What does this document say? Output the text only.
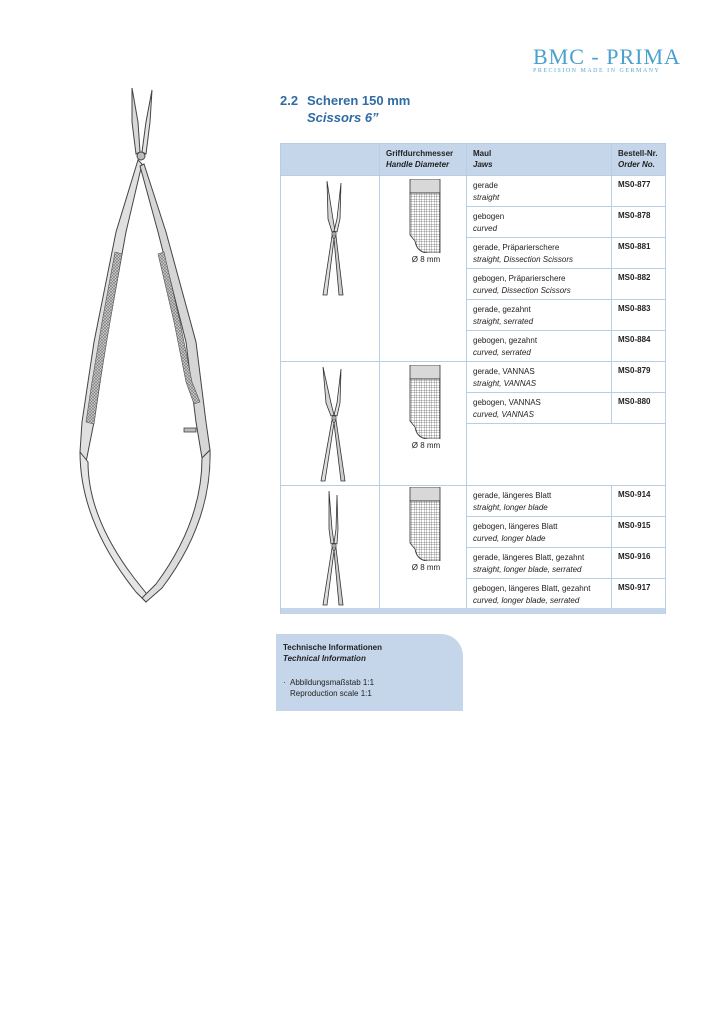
BMC - PRIMA
PRECISION MADE IN GERMANY
2.2 Scheren 150 mm
Scissors 6”
Griffdurchmesser
Handle Diameter
Maul
Jaws
Bestell-Nr.
Order No.
Ø 8 mm
gerade
straight
MS0-877
gebogen
curved
MS0-878
gerade, Präparierschere
straight, Dissection Scissors
MS0-881
gebogen, Präparierschere
curved, Dissection Scissors
MS0-882
gerade, gezahnt
straight, serrated
MS0-883
gebogen, gezahnt
curved, serrated
MS0-884
Ø 8 mm
gerade, VANNAS
straight, VANNAS
MS0-879
gebogen, VANNAS
curved, VANNAS
MS0-880
Ø 8 mm
gerade, längeres Blatt
straight, longer blade
MS0-914
gebogen, längeres Blatt
curved, longer blade
MS0-915
gerade, längeres Blatt, gezahnt
straight, longer blade, serrated
MS0-916
gebogen, längeres Blatt, gezahnt
curved, longer blade, serrated
MS0-917
Technische Informationen
Technical Information
· Abbildungsmaßstab 1:1
Reproduction scale 1:1
